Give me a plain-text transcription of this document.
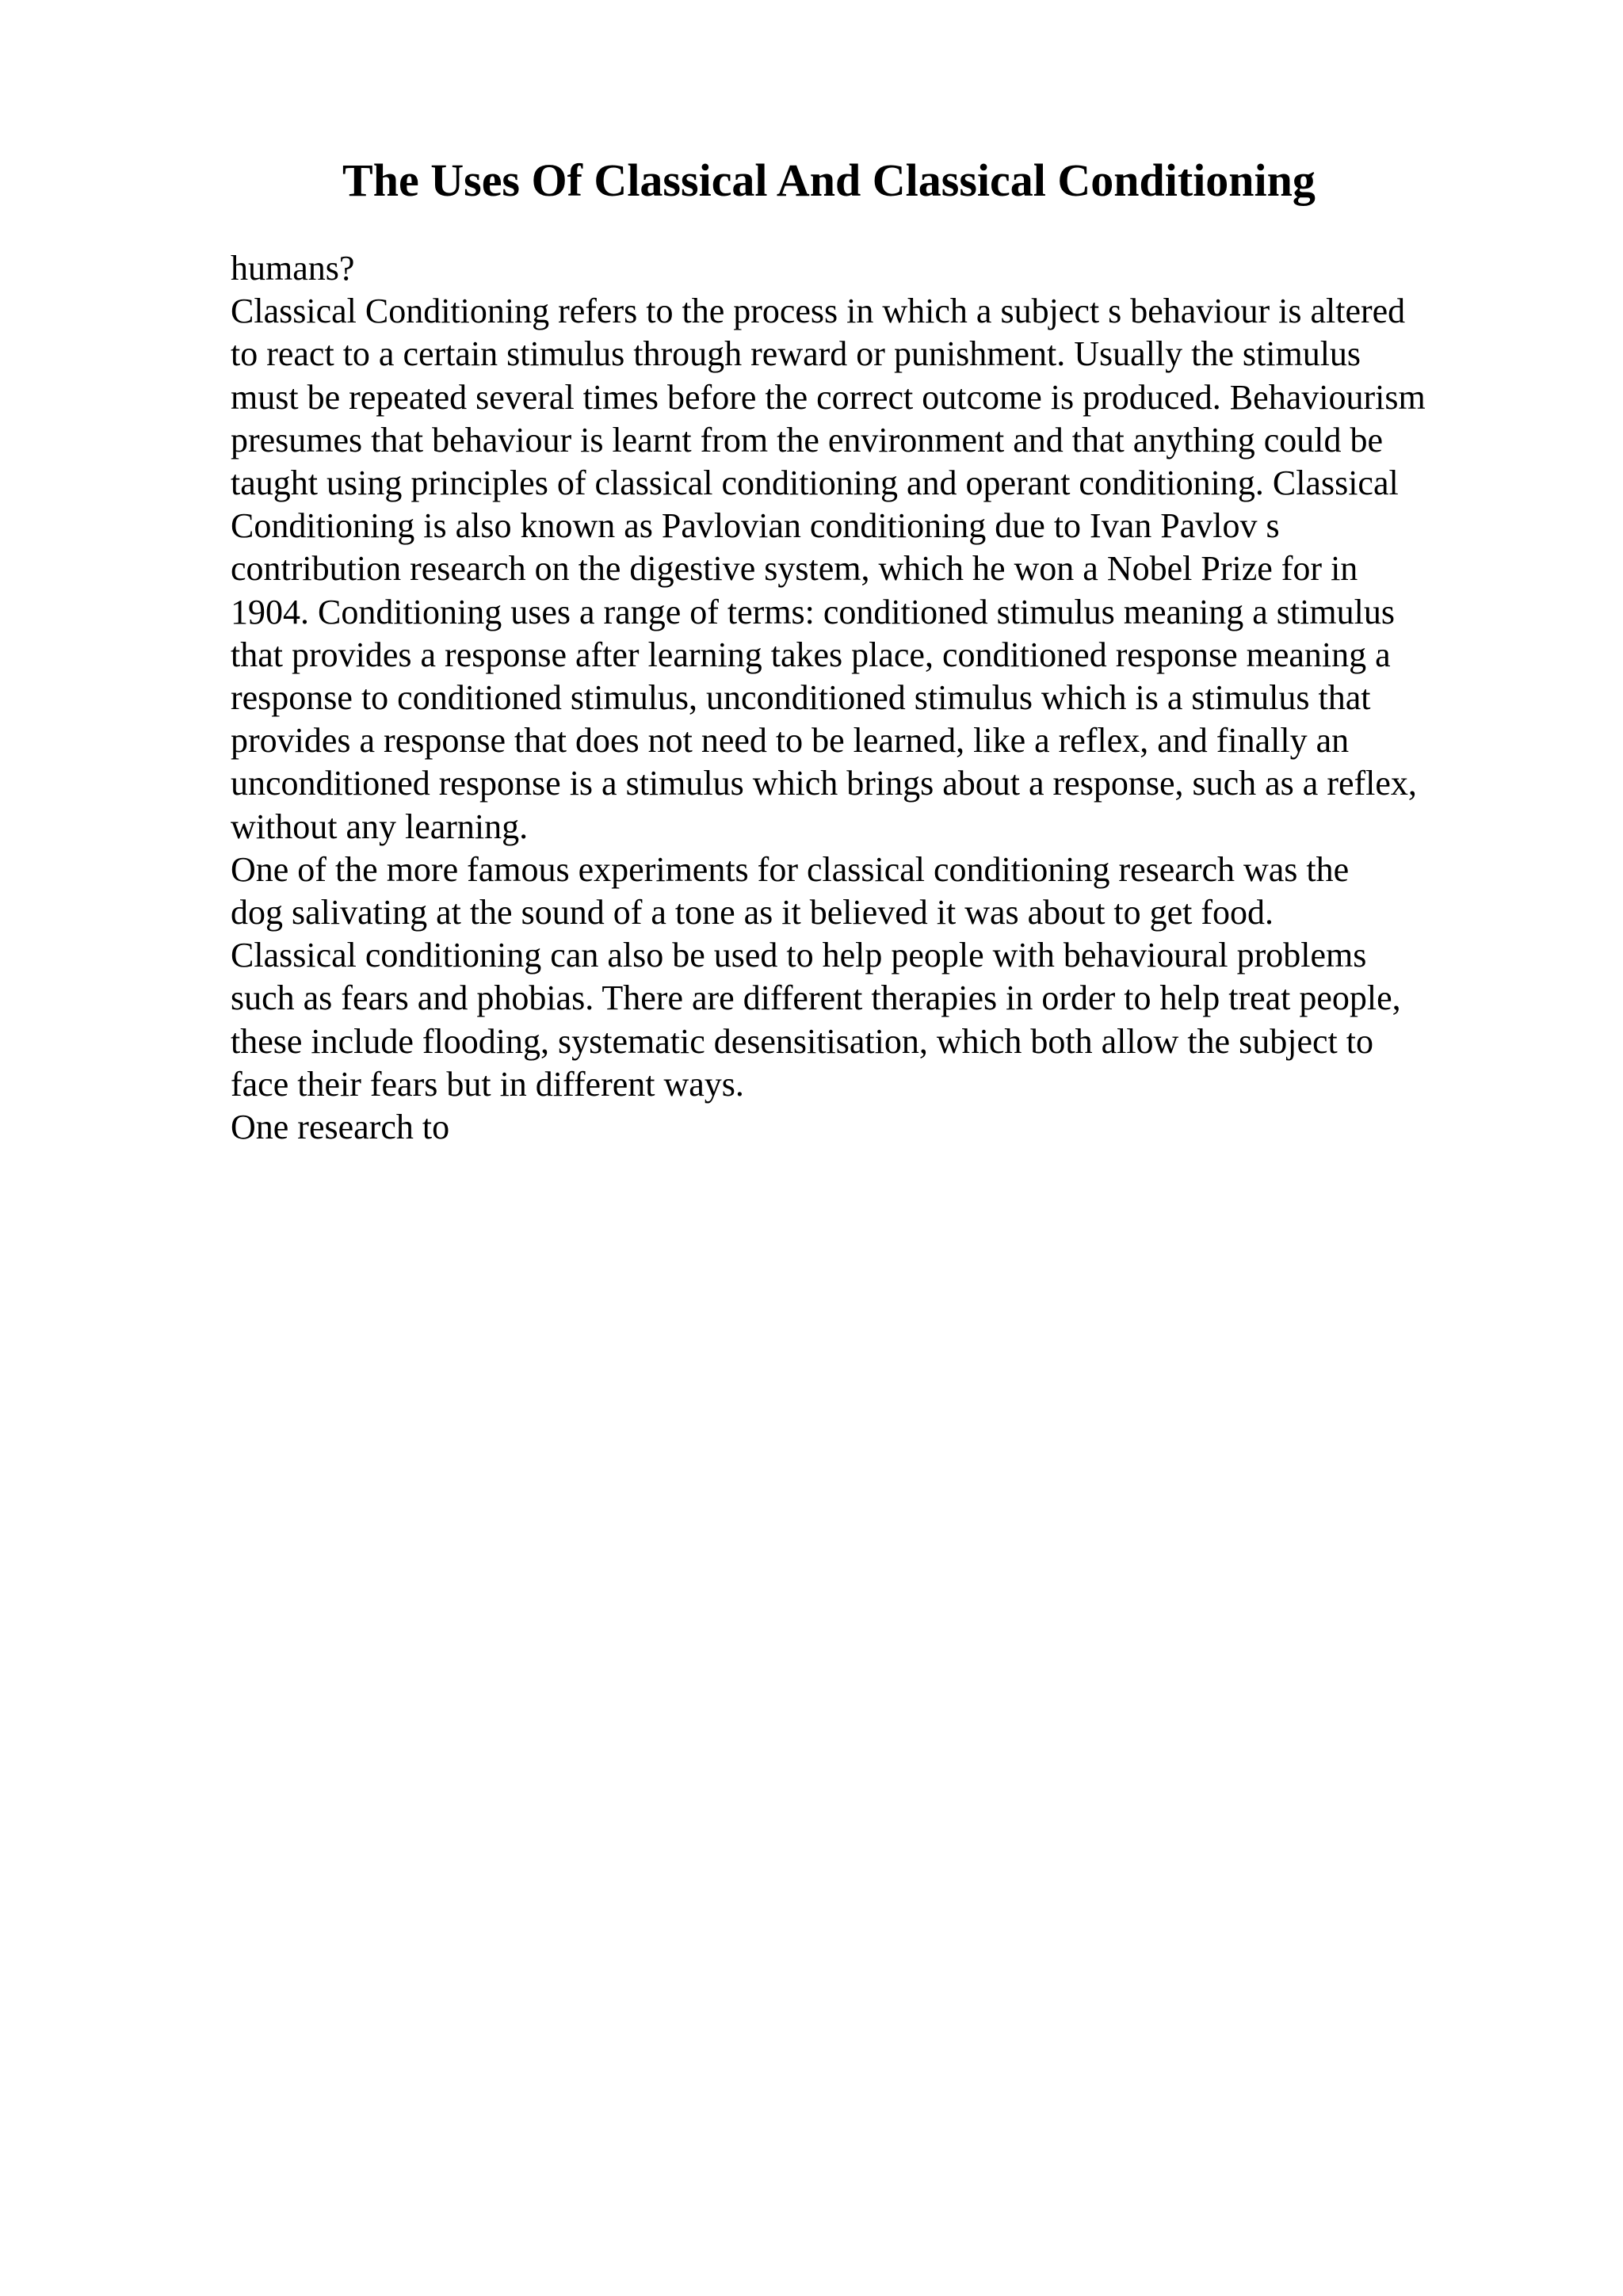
The Uses Of Classical And Classical Conditioning
humans?
Classical Conditioning refers to the process in which a subject s behaviour is altered
to react to a certain stimulus through reward or punishment. Usually the stimulus
must be repeated several times before the correct outcome is produced. Behaviourism
presumes that behaviour is learnt from the environment and that anything could be
taught using principles of classical conditioning and operant conditioning. Classical
Conditioning is also known as Pavlovian conditioning due to Ivan Pavlov s
contribution research on the digestive system, which he won a Nobel Prize for in
1904. Conditioning uses a range of terms: conditioned stimulus meaning a stimulus
that provides a response after learning takes place, conditioned response meaning a
response to conditioned stimulus, unconditioned stimulus which is a stimulus that
provides a response that does not need to be learned, like a reflex, and finally an
unconditioned response is a stimulus which brings about a response, such as a reflex,
without any learning.
One of the more famous experiments for classical conditioning research was the
dog salivating at the sound of a tone as it believed it was about to get food.
Classical conditioning can also be used to help people with behavioural problems
such as fears and phobias. There are different therapies in order to help treat people,
these include flooding, systematic desensitisation, which both allow the subject to
face their fears but in different ways.
One research to
